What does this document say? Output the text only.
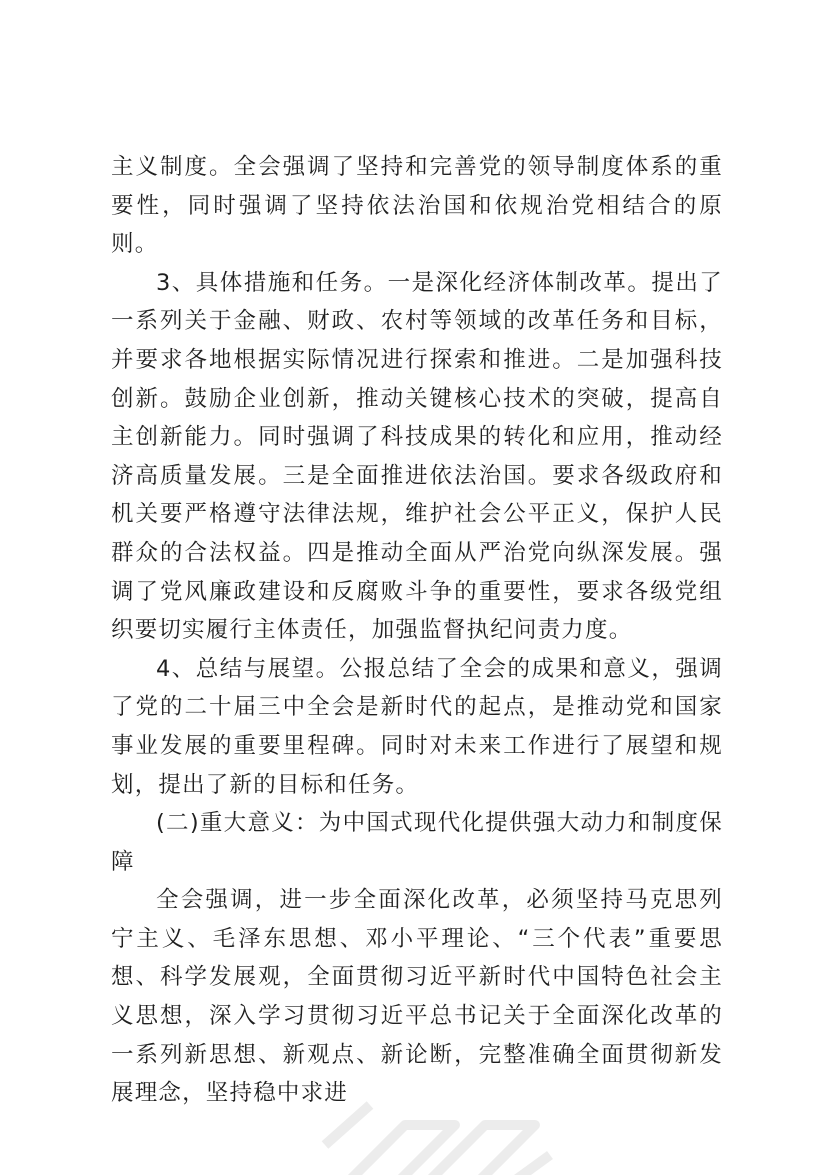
主义制度。全会强调了坚持和完善党的领导制度体系的重要性，同时强调了坚持依法治国和依规治党相结合的原则。

3、具体措施和任务。一是深化经济体制改革。提出了一系列关于金融、财政、农村等领域的改革任务和目标，并要求各地根据实际情况进行探索和推进。二是加强科技创新。鼓励企业创新，推动关键核心技术的突破，提高自主创新能力。同时强调了科技成果的转化和应用，推动经济高质量发展。三是全面推进依法治国。要求各级政府和机关要严格遵守法律法规，维护社会公平正义，保护人民群众的合法权益。四是推动全面从严治党向纵深发展。强调了党风廉政建设和反腐败斗争的重要性，要求各级党组织要切实履行主体责任，加强监督执纪问责力度。

4、总结与展望。公报总结了全会的成果和意义，强调了党的二十届三中全会是新时代的起点，是推动党和国家事业发展的重要里程碑。同时对未来工作进行了展望和规划，提出了新的目标和任务。

(二)重大意义：为中国式现代化提供强大动力和制度保障

全会强调，进一步全面深化改革，必须坚持马克思列宁主义、毛泽东思想、邓小平理论、“三个代表”重要思想、科学发展观，全面贯彻习近平新时代中国特色社会主义思想，深入学习贯彻习近平总书记关于全面深化改革的一系列新思想、新观点、新论断，完整准确全面贯彻新发展理念，坚持稳中求进
